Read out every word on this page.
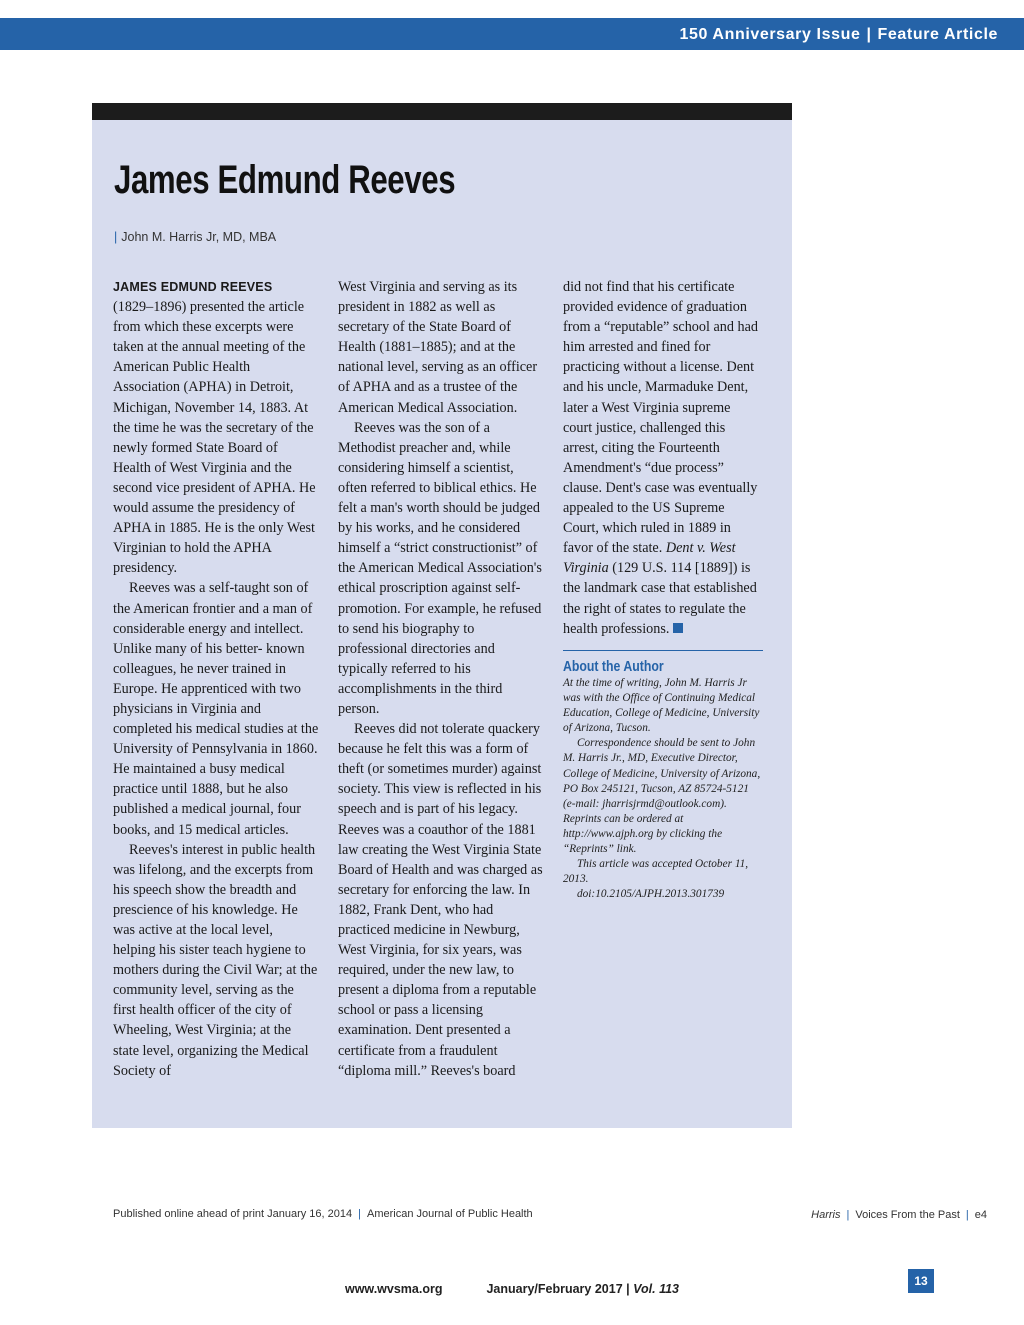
150 Anniversary Issue | Feature Article
James Edmund Reeves
| John M. Harris Jr, MD, MBA

JAMES EDMUND REEVES
(1829–1896) presented the article from which these excerpts were taken at the annual meeting of the American Public Health Association (APHA) in Detroit, Michigan, November 14, 1883. At the time he was the secretary of the newly formed State Board of Health of West Virginia and the second vice president of APHA. He would assume the presidency of APHA in 1885. He is the only West Virginian to hold the APHA presidency.

Reeves was a self-taught son of the American frontier and a man of considerable energy and intellect. Unlike many of his better- known colleagues, he never trained in Europe. He apprenticed with two physicians in Virginia and completed his medical studies at the University of Pennsylvania in 1860. He maintained a busy medical practice until 1888, but he also published a medical journal, four books, and 15 medical articles.

Reeves's interest in public health was lifelong, and the excerpts from his speech show the breadth and prescience of his knowledge. He was active at the local level, helping his sister teach hygiene to mothers during the Civil War; at the community level, serving as the first health officer of the city of Wheeling, West Virginia; at the state level, organizing the Medical Society of

West Virginia and serving as its president in 1882 as well as secretary of the State Board of Health (1881–1885); and at the national level, serving as an officer of APHA and as a trustee of the American Medical Association.

Reeves was the son of a Methodist preacher and, while considering himself a scientist, often referred to biblical ethics. He felt a man's worth should be judged by his works, and he considered himself a “strict constructionist” of the American Medical Association's ethical proscription against self-promotion. For example, he refused to send his biography to professional directories and typically referred to his accomplishments in the third person.

Reeves did not tolerate quackery because he felt this was a form of theft (or sometimes murder) against society. This view is reflected in his speech and is part of his legacy. Reeves was a coauthor of the 1881 law creating the West Virginia State Board of Health and was charged as secretary for enforcing the law. In 1882, Frank Dent, who had practiced medicine in Newburg, West Virginia, for six years, was required, under the new law, to present a diploma from a reputable school or pass a licensing examination. Dent presented a certificate from a fraudulent “diploma mill.” Reeves's board

did not find that his certificate provided evidence of graduation from a “reputable” school and had him arrested and fined for practicing without a license. Dent and his uncle, Marmaduke Dent, later a West Virginia supreme court justice, challenged this arrest, citing the Fourteenth Amendment's “due process” clause. Dent's case was eventually appealed to the US Supreme Court, which ruled in 1889 in favor of the state. Dent v. West Virginia (129 U.S. 114 [1889]) is the landmark case that established the right of states to regulate the health professions.

About the Author

At the time of writing, John M. Harris Jr was with the Office of Continuing Medical Education, College of Medicine, University of Arizona, Tucson.

Correspondence should be sent to John M. Harris Jr., MD, Executive Director, College of Medicine, University of Arizona, PO Box 245121, Tucson, AZ 85724-5121 (e-mail: jharrisjrmd@outlook.com). Reprints can be ordered at http://www.ajph.org by clicking the “Reprints” link.

This article was accepted October 11, 2013.

doi:10.2105/AJPH.2013.301739

Published online ahead of print January 16, 2014 | American Journal of Public Health	Harris | Voices From the Past | e4
www.wvsma.org	January/February 2017 | Vol. 113
13
